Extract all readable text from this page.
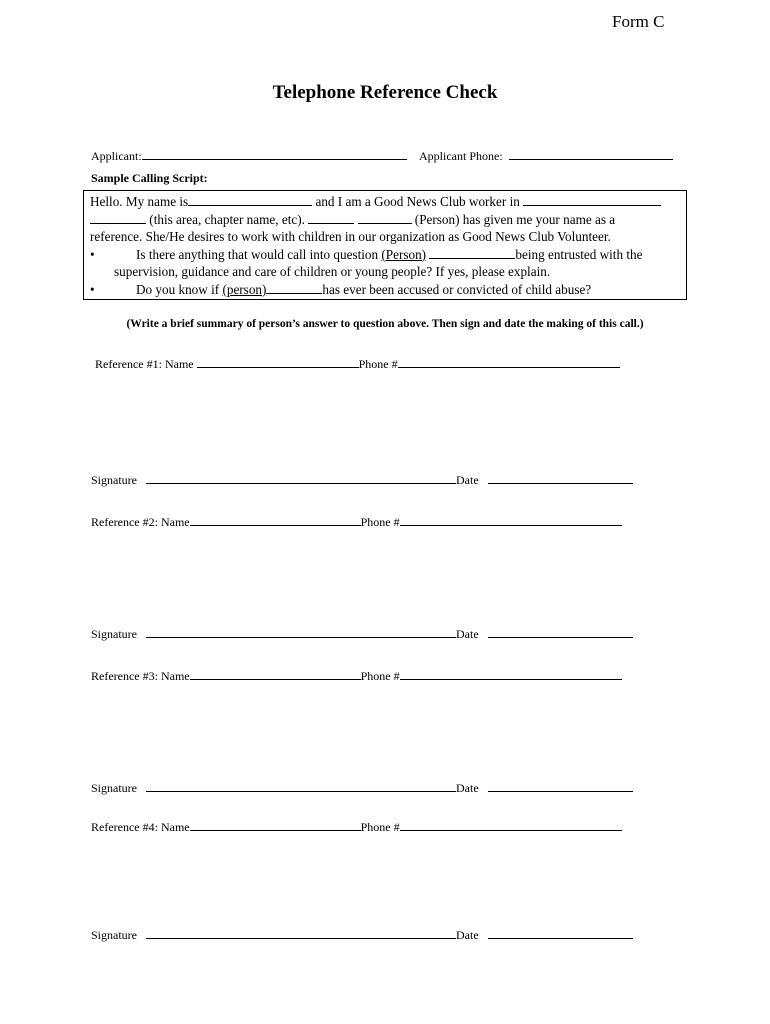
Form C
Telephone Reference Check
Applicant:	Applicant Phone:
Sample Calling Script:
Hello. My name is	and I am a Good News Club worker in
(this area, chapter name, etc).	(Person) has given me your name as a
reference. She/He desires to work with children in our organization as Good News Club Volunteer.
•	Is there anything that would call into question (Person)	being entrusted with the
supervision, guidance and care of children or young people? If yes, please explain.
•	Do you know if (person)	has ever been accused or convicted of child abuse?
(Write a brief summary of person’s answer to question above. Then sign and date the making of this call.)
Reference #1: Name	Phone #
Signature	Date
Reference #2: Name	Phone #
Signature	Date
Reference #3: Name	Phone #
Signature	Date
Reference #4: Name	Phone #
Signature	Date
